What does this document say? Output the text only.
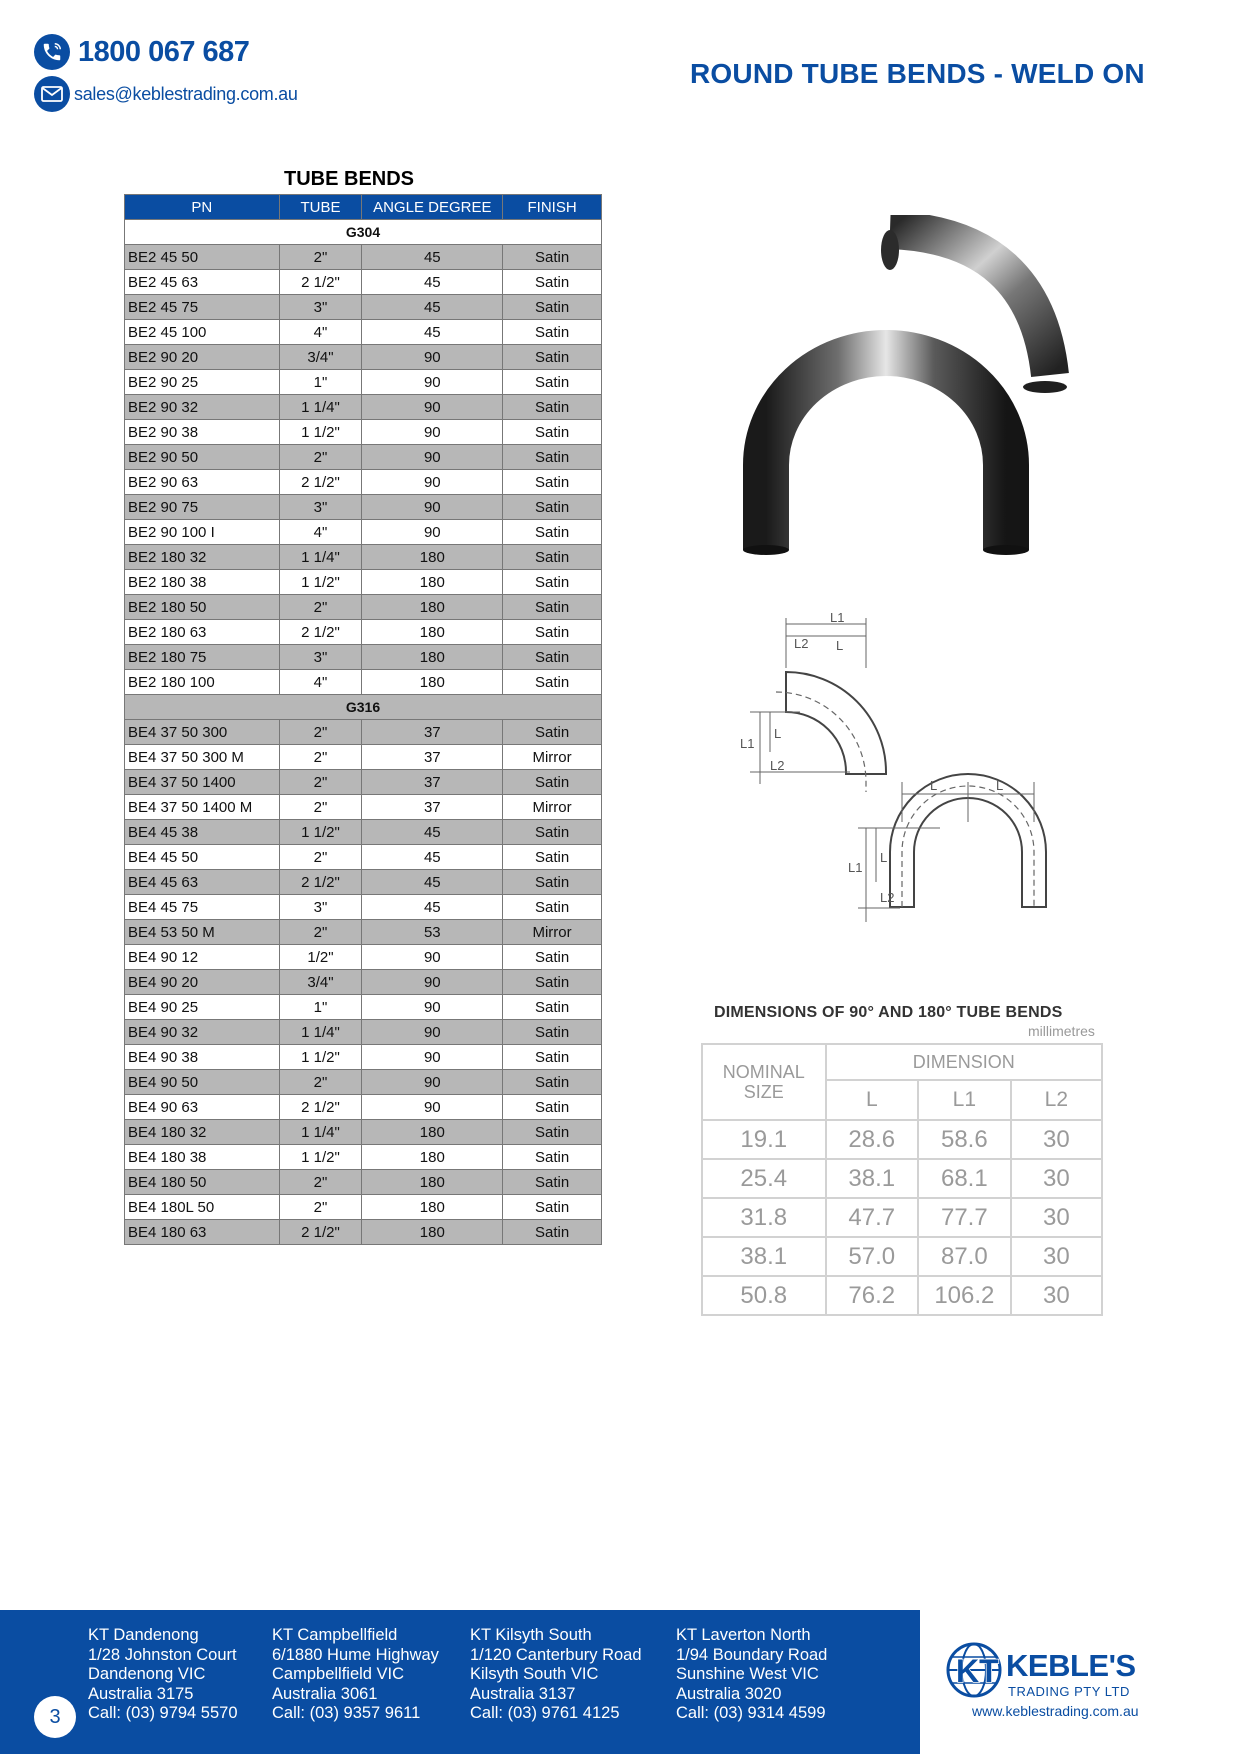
1800 067 687
sales@keblestrading.com.au
ROUND TUBE BENDS - WELD ON
TUBE BENDS
PN	TUBE	ANGLE DEGREE	FINISH
G304			
BE2 45 50	2"	45	Satin
BE2 45 63	2 1/2"	45	Satin
BE2 45 75	3"	45	Satin
BE2 45 100	4"	45	Satin
BE2 90 20	3/4"	90	Satin
BE2 90 25	1"	90	Satin
BE2 90 32	1 1/4"	90	Satin
BE2 90 38	1 1/2"	90	Satin
BE2 90 50	2"	90	Satin
BE2 90 63	2 1/2"	90	Satin
BE2 90 75	3"	90	Satin
BE2 90 100 I	4"	90	Satin
BE2 180 32	1 1/4"	180	Satin
BE2 180 38	1 1/2"	180	Satin
BE2 180 50	2"	180	Satin
BE2 180 63	2 1/2"	180	Satin
BE2 180 75	3"	180	Satin
BE2 180 100	4"	180	Satin
G316			
BE4 37 50 300	2"	37	Satin
BE4 37 50 300 M	2"	37	Mirror
BE4 37 50 1400	2"	37	Satin
BE4 37 50 1400 M	2"	37	Mirror
BE4 45 38	1 1/2"	45	Satin
BE4 45 50	2"	45	Satin
BE4 45 63	2 1/2"	45	Satin
BE4 45 75	3"	45	Satin
BE4 53 50 M	2"	53	Mirror
BE4 90 12	1/2"	90	Satin
BE4 90 20	3/4"	90	Satin
BE4 90 25	1"	90	Satin
BE4 90 32	1 1/4"	90	Satin
BE4 90 38	1 1/2"	90	Satin
BE4 90 50	2"	90	Satin
BE4 90 63	2 1/2"	90	Satin
BE4 180 32	1 1/4"	180	Satin
BE4 180 38	1 1/2"	180	Satin
BE4 180 50	2"	180	Satin
BE4 180L 50	2"	180	Satin
BE4 180 63	2 1/2"	180	Satin
L1
L2 L
L1
L
L2
L	L
L1
L
L2
DIMENSIONS OF 90° AND 180° TUBE BENDS
millimetres
NOMINAL SIZE	DIMENSION		
	L	L1	L2
19.1	28.6	58.6	30
25.4	38.1	68.1	30
31.8	47.7	77.7	30
38.1	57.0	87.0	30
50.8	76.2	106.2	30
KT Dandenong
1/28 Johnston Court
Dandenong VIC
Australia 3175
Call: (03) 9794 5570
KT Campbellfield
6/1880 Hume Highway
Campbellfield VIC
Australia 3061
Call: (03) 9357 9611
KT Kilsyth South
1/120 Canterbury Road
Kilsyth South VIC
Australia 3137
Call: (03) 9761 4125
KT Laverton North
1/94 Boundary Road
Sunshine West VIC
Australia 3020
Call: (03) 9314 4599
3
KT KEBLE'S
TRADING PTY LTD
www.keblestrading.com.au
